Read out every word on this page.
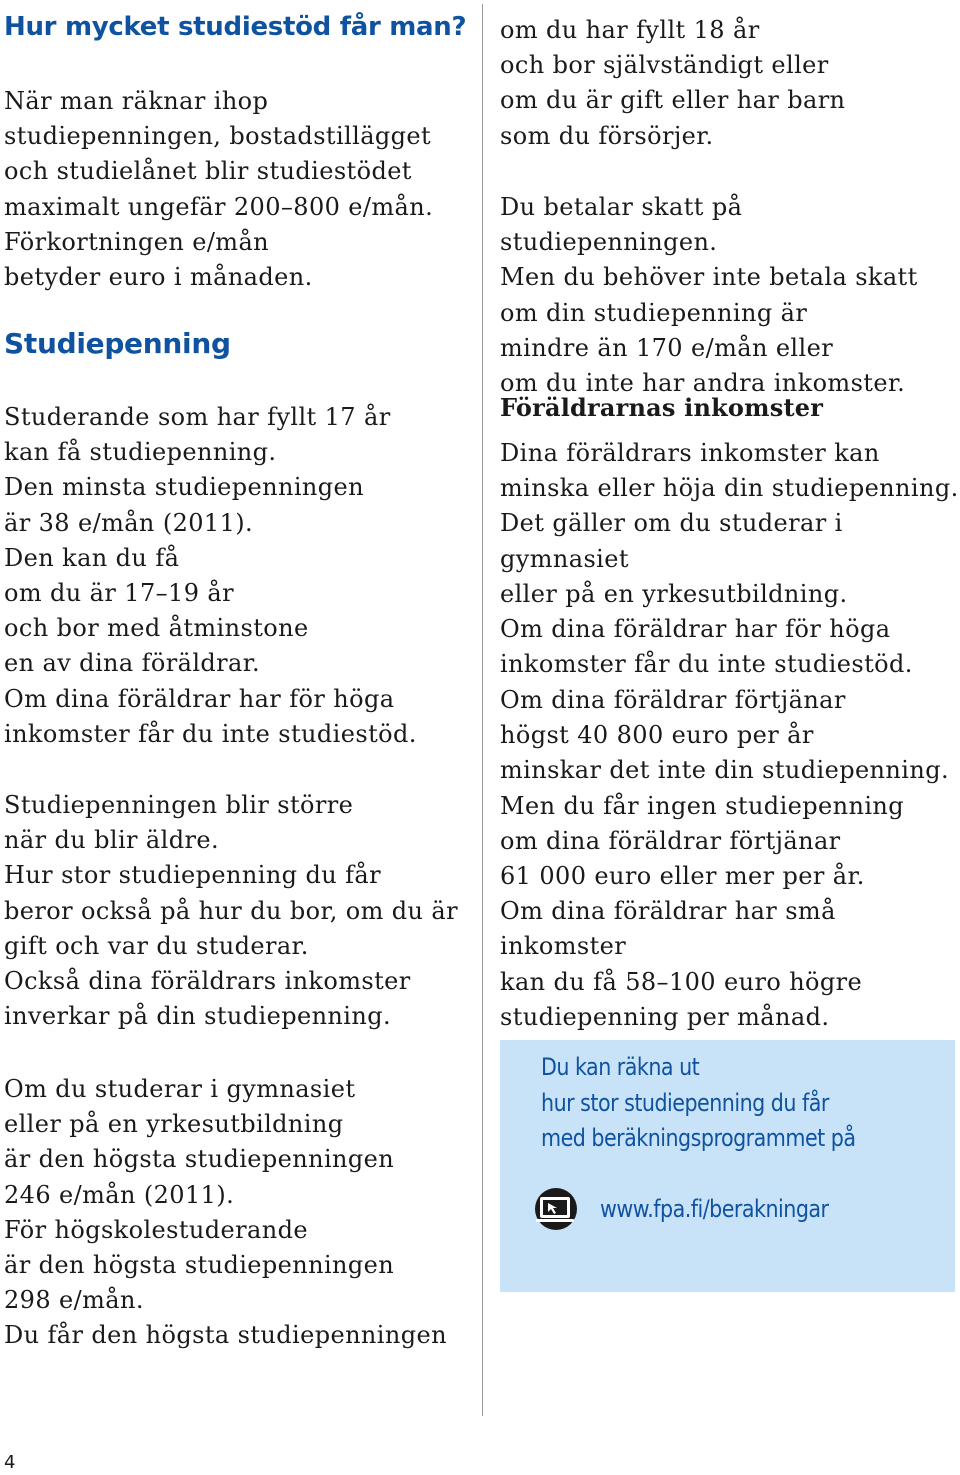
Hur mycket studiestöd får man?

När man räknar ihop
studiepenningen, bostadstillägget
och studielånet blir studiestödet
maximalt ungefär 200–800 e/mån.
Förkortningen e/mån
betyder euro i månaden.

Studiepenning

Studerande som har fyllt 17 år
kan få studiepenning.
Den minsta studiepenningen
är 38 e/mån (2011).
Den kan du få
om du är 17–19 år
och bor med åtminstone
en av dina föräldrar.
Om dina föräldrar har för höga
inkomster får du inte studiestöd.

Studiepenningen blir större
när du blir äldre.
Hur stor studiepenning du får
beror också på hur du bor, om du är
gift och var du studerar.
Också dina föräldrars inkomster
inverkar på din studiepenning.

Om du studerar i gymnasiet
eller på en yrkesutbildning
är den högsta studiepenningen
246 e/mån (2011).
För högskolestuderande
är den högsta studiepenningen
298 e/mån.
Du får den högsta studiepenningen

om du har fyllt 18 år
och bor självständigt eller
om du är gift eller har barn
som du försörjer.

Du betalar skatt på studiepenningen.
Men du behöver inte betala skatt
om din studiepenning är
mindre än 170 e/mån eller
om du inte har andra inkomster.

Föräldrarnas inkomster

Dina föräldrars inkomster kan
minska eller höja din studiepenning.
Det gäller om du studerar i gymnasiet
eller på en yrkesutbildning.
Om dina föräldrar har för höga
inkomster får du inte studiestöd.

Om dina föräldrar förtjänar
högst 40 800 euro per år
minskar det inte din studiepenning.
Men du får ingen studiepenning
om dina föräldrar förtjänar
61 000 euro eller mer per år.
Om dina föräldrar har små inkomster
kan du få 58–100 euro högre
studiepenning per månad.

Du kan räkna ut
hur stor studiepenning du får
med beräkningsprogrammet på

www.fpa.fi/berakningar
4
